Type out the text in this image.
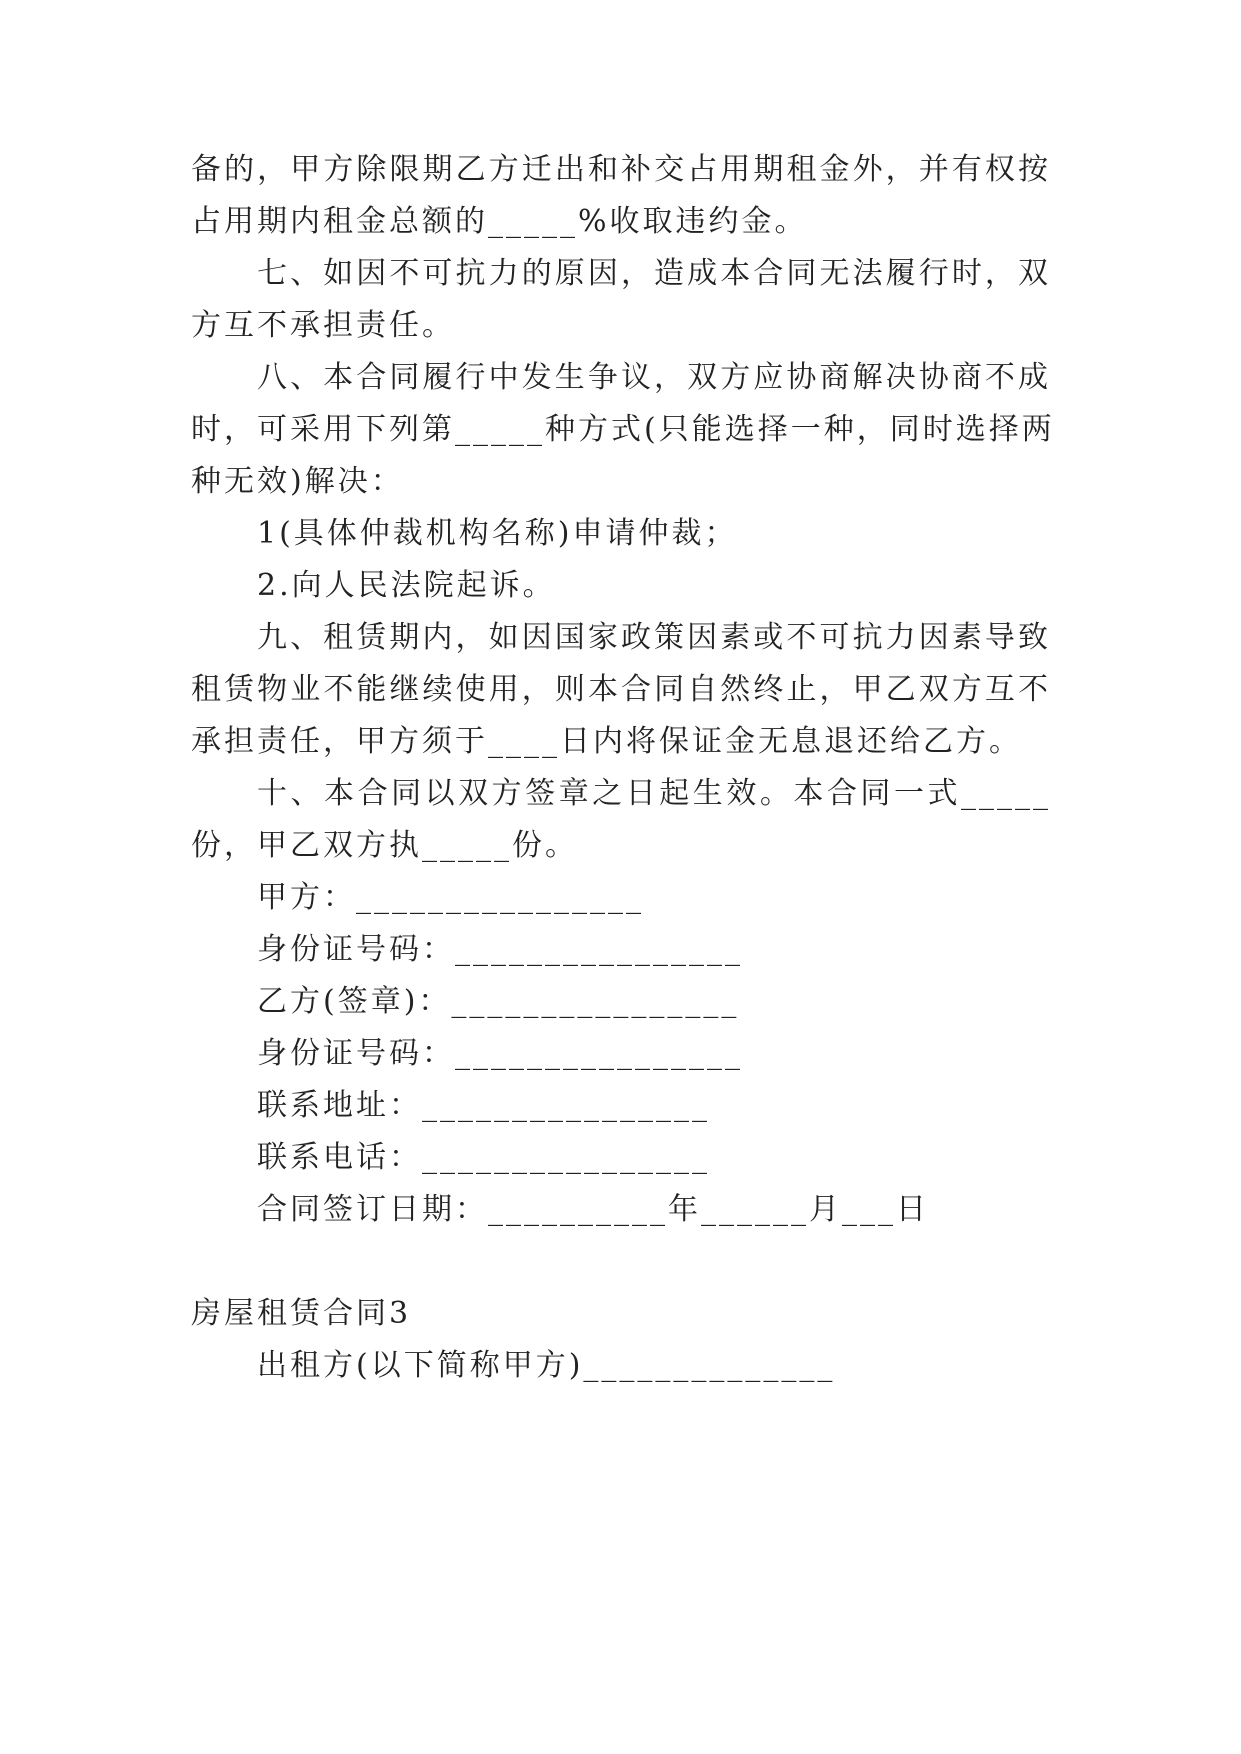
备的，甲方除限期乙方迁出和补交占用期租金外，并有权按
占用期内租金总额的_____%收取违约金。
七、如因不可抗力的原因，造成本合同无法履行时，双
方互不承担责任。
八、本合同履行中发生争议，双方应协商解决协商不成
时，可采用下列第_____种方式(只能选择一种，同时选择两
种无效)解决：
1(具体仲裁机构名称)申请仲裁；
2.向人民法院起诉。
九、租赁期内，如因国家政策因素或不可抗力因素导致
租赁物业不能继续使用，则本合同自然终止，甲乙双方互不
承担责任，甲方须于____日内将保证金无息退还给乙方。
十、本合同以双方签章之日起生效。本合同一式_____
份，甲乙双方执_____份。
甲方：________________
身份证号码：________________
乙方(签章)：________________
身份证号码：________________
联系地址：________________
联系电话：________________
合同签订日期：__________年______月___日
房屋租赁合同3
出租方(以下简称甲方)______________
